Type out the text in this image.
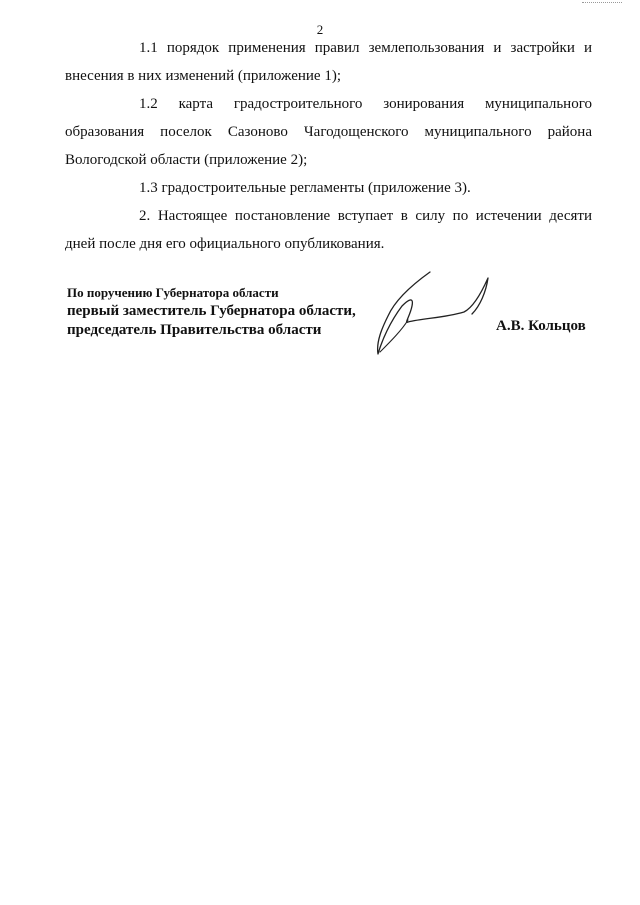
2

1.1 порядок применения правил землепользования и застройки и внесения в них изменений (приложение 1);

1.2 карта градостроительного зонирования муниципального образования поселок Сазоново Чагодощенского муниципального района Вологодской области (приложение 2);

1.3 градостроительные регламенты (приложение 3).

2. Настоящее постановление вступает в силу по истечении десяти дней после дня его официального опубликования.

По поручению Губернатора области
первый заместитель Губернатора области,
председатель Правительства области	А.В. Кольцов
